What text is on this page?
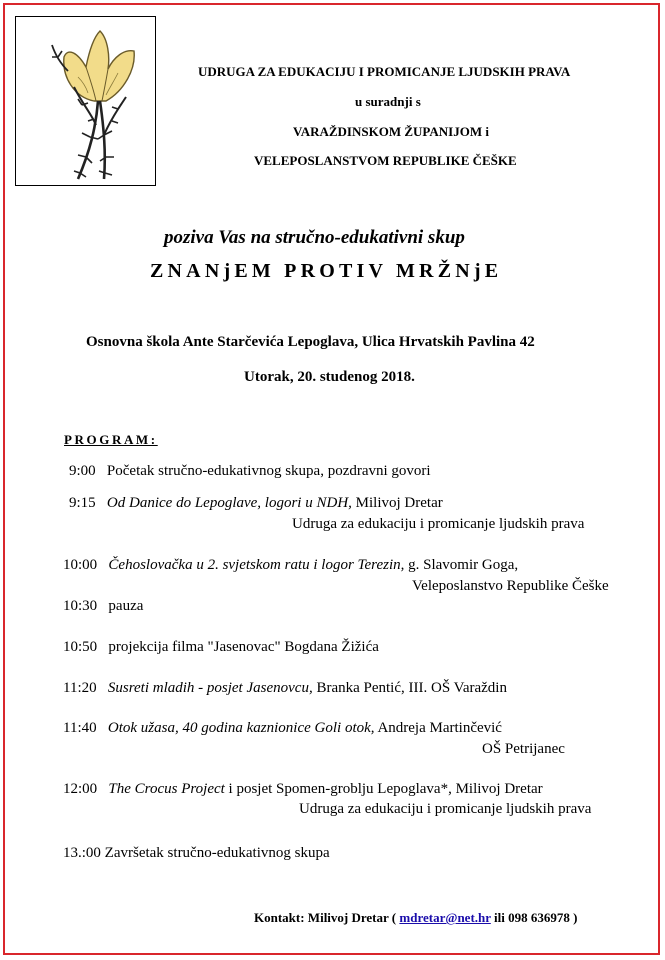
UDRUGA ZA EDUKACIJU I PROMICANJE LJUDSKIH PRAVA
u suradnji s
VARAŽDINSKOM ŽUPANIJOM i
VELEPOSLANSTVOM REPUBLIKE ČEŠKE
poziva Vas na stručno-edukativni skup
ZNANjEM PROTIV MRŽNjE
Osnovna škola Ante Starčevića Lepoglava, Ulica Hrvatskih Pavlina 42
Utorak, 20. studenog 2018.
PROGRAM:
9:00 Početak stručno-edukativnog skupa, pozdravni govori
9:15 Od Danice do Lepoglave, logori u NDH, Milivoj Dretar
Udruga za edukaciju i promicanje ljudskih prava
10:00 Čehoslovačka u 2. svjetskom ratu i logor Terezin, g. Slavomir Goga,
Veleposlanstvo Republike Češke
10:30 pauza
10:50 projekcija filma "Jasenovac" Bogdana Žižića
11:20 Susreti mladih - posjet Jasenovcu, Branka Pentić, III. OŠ Varaždin
11:40 Otok užasa, 40 godina kaznionice Goli otok, Andreja Martinčević
OŠ Petrijanec
12:00 The Crocus Project i posjet Spomen-groblju Lepoglava*, Milivoj Dretar
Udruga za edukaciju i promicanje ljudskih prava
13.:00 Završetak stručno-edukativnog skupa
Kontakt: Milivoj Dretar ( mdretar@net.hr ili 098 636978 )
